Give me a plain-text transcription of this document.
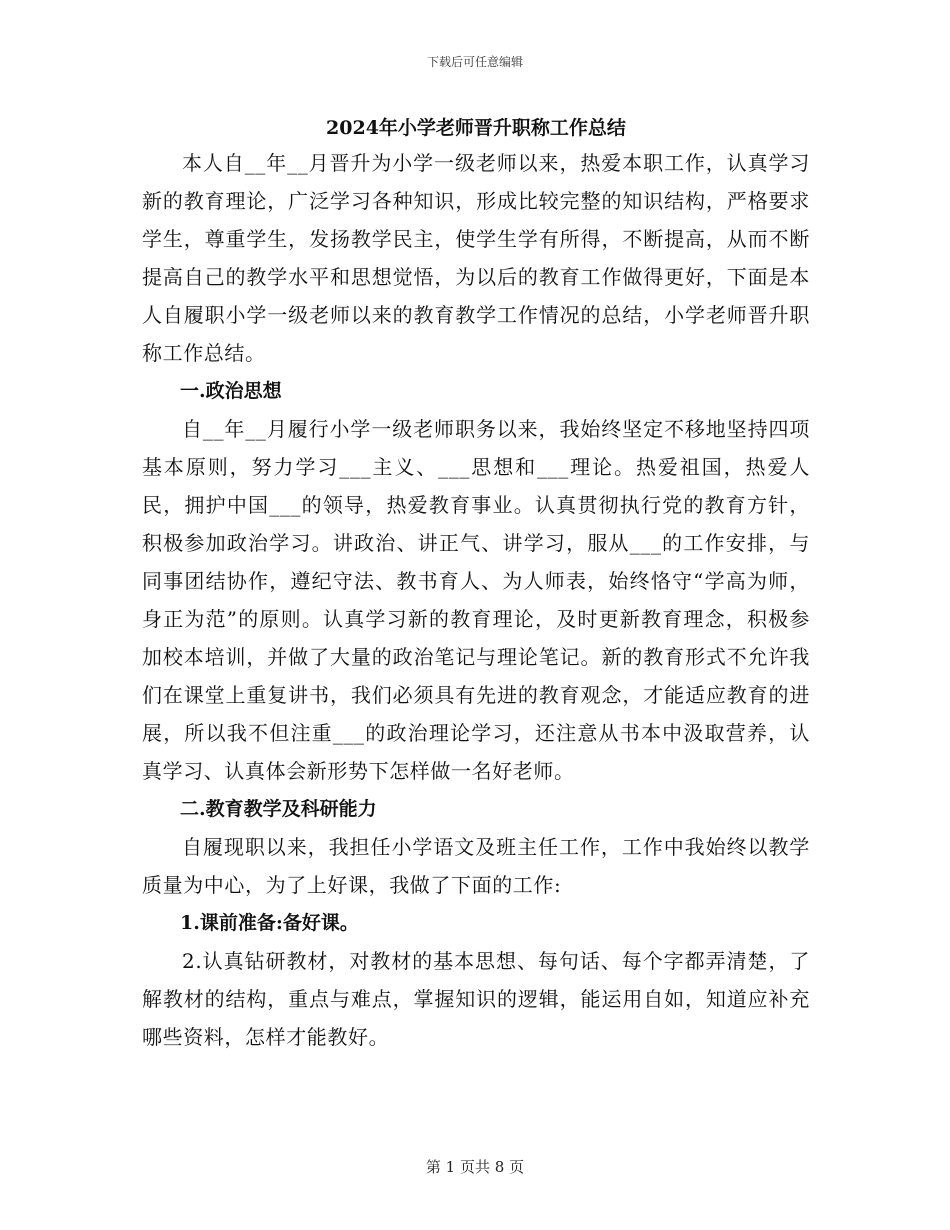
下载后可任意编辑
2024年小学老师晋升职称工作总结

本人自__年__月晋升为小学一级老师以来，热爱本职工作，认真学习新的教育理论，广泛学习各种知识，形成比较完整的知识结构，严格要求学生，尊重学生，发扬教学民主，使学生学有所得，不断提高，从而不断提高自己的教学水平和思想觉悟，为以后的教育工作做得更好，下面是本人自履职小学一级老师以来的教育教学工作情况的总结，小学老师晋升职称工作总结。

一.政治思想

自__年__月履行小学一级老师职务以来，我始终坚定不移地坚持四项基本原则，努力学习___主义、___思想和___理论。热爱祖国，热爱人民，拥护中国___的领导，热爱教育事业。认真贯彻执行党的教育方针，积极参加政治学习。讲政治、讲正气、讲学习，服从___的工作安排，与同事团结协作，遵纪守法、教书育人、为人师表，始终恪守“学高为师，身正为范”的原则。认真学习新的教育理论，及时更新教育理念，积极参加校本培训，并做了大量的政治笔记与理论笔记。新的教育形式不允许我们在课堂上重复讲书，我们必须具有先进的教育观念，才能适应教育的进展，所以我不但注重___的政治理论学习，还注意从书本中汲取营养，认真学习、认真体会新形势下怎样做一名好老师。

二.教育教学及科研能力

自履现职以来，我担任小学语文及班主任工作，工作中我始终以教学质量为中心，为了上好课，我做了下面的工作:

1.课前准备:备好课。

2.认真钻研教材，对教材的基本思想、每句话、每个字都弄清楚，了解教材的结构，重点与难点，掌握知识的逻辑，能运用自如，知道应补充哪些资料，怎样才能教好。

第 1 页共 8 页
